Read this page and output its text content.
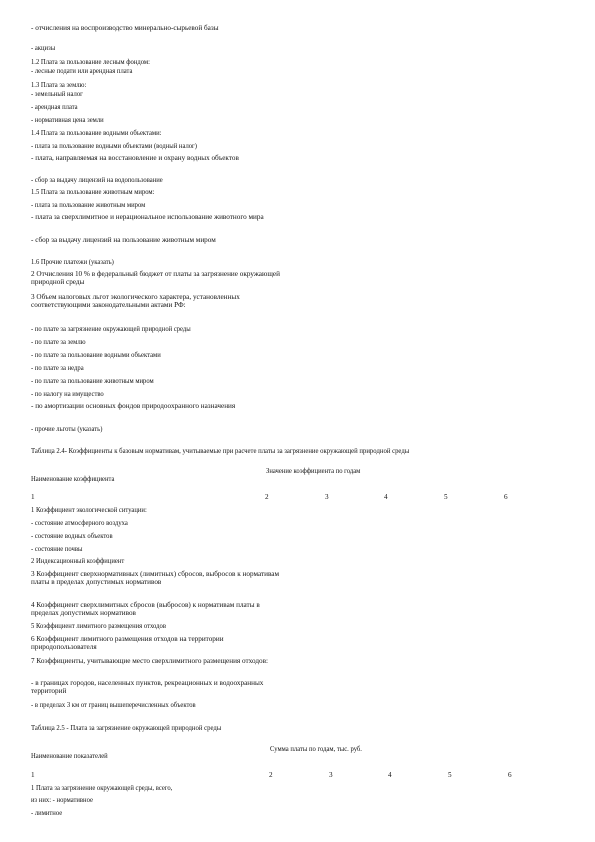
- отчисления на воспроизводство минерально-сырьевой базы
- акцизы
1.2 Плата за пользование лесным фондом:
- лесные подати или арендная плата
1.3 Плата за землю:
- земельный налог
- арендная плата
- нормативная цена земли
1.4 Плата за пользование водными объектами:
- плата за пользование водными объектами (водный налог)
- плата, направляемая на восстановление и охрану водных объектов
- сбор за выдачу лицензий на водопользование
1.5 Плата за пользование животным миром:
- плата за пользование животным миром
- плата за сверхлимитное и нерациональное использование животного мира
- сбор за выдачу лицензий на пользование животным миром
1.6 Прочие платежи (указать)
2 Отчисления 10 % в федеральный бюджет от платы за загрязнение окружающей природной среды
3 Объем налоговых льгот экологического характера, установленных соответствующими законодательными актами РФ:
- по плате за загрязнение окружающей природной среды
- по плате за землю
- по плате за пользование водными объектами
- по плате за недра
- по плате за пользование животным миром
- по налогу на имущество
- по амортизации основных фондов природоохранного назначения
- прочие льготы (указать)
Таблица 2.4- Коэффициенты к базовым нормативам, учитываемые при расчете платы за загрязнение окружающей природной среды
Значение коэффициента по годам
Наименование коэффициента
1	2	3	4	5	6
1 Коэффициент экологической ситуации:
- состояние атмосферного воздуха
- состояние водных объектов
- состояние почвы
2 Индексационный коэффициент
3 Коэффициент сверхнормативных (лимитных) сбросов, выбросов к нормативам платы в пределах допустимых нормативов
4 Коэффициент сверхлимитных сбросов (выбросов) к нормативам платы в пределах допустимых нормативов
5 Коэффициент лимитного размещения отходов
6 Коэффициент лимитного размещения отходов на территории природопользователя
7 Коэффициенты, учитывающие место сверхлимитного размещения отходов:
- в границах городов, населенных пунктов, рекреационных и водоохранных территорий
- в пределах 3 км от границ вышеперечисленных объектов
Таблица 2.5 - Плата за загрязнение окружающей природной среды
Сумма платы по годам, тыс. руб.
Наименование показателей
1	2	3	4	5	6
1 Плата за загрязнение окружающей среды, всего,
из них: - нормативное
- лимитное
